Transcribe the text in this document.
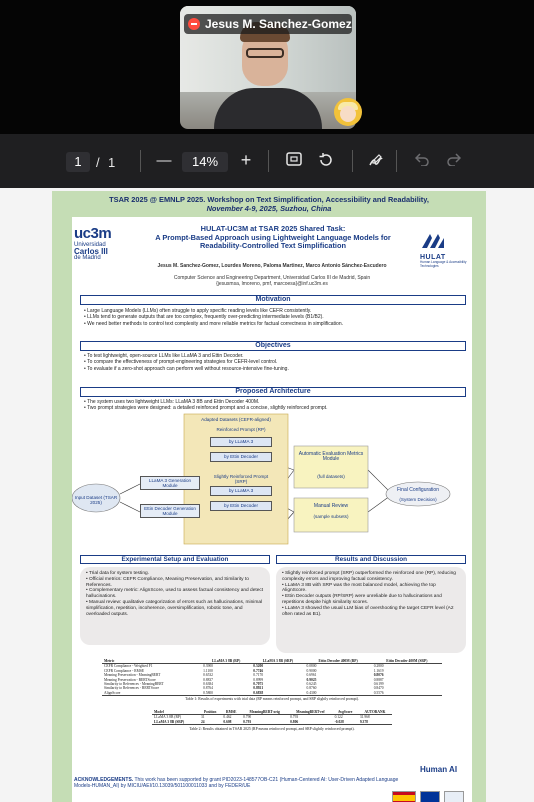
Jesus M. Sanchez-Gomez
1	/ 1	—	14%	+
TSAR 2025 @ EMNLP 2025. Workshop on Text Simplification, Accessibility and Readability,
November 4-9, 2025, Suzhou, China
uc3m
Universidad
Carlos III
de Madrid
HULAT-UC3M at TSAR 2025 Shared Task:
A Prompt-Based Approach using Lightweight Language Models for
Readability-Controlled Text Simplification
HULAT
Human Language & Accessibility Technologies
Jesus M. Sanchez-Gomez, Lourdes Moreno, Paloma Martinez, Marco Antonio Sánchez-Escudero
Computer Science and Engineering Department, Universidad Carlos III de Madrid, Spain
{jesusmsa, lmoreno, pmf, marcoesa}@inf.uc3m.es
Motivation
• Large Language Models (LLMs) often struggle to apply specific reading levels like CEFR consistently.
• LLMs tend to generate outputs that are too complex, frequently over-predicting intermediate levels (B1/B2).
• We need better methods to control text complexity and more reliable metrics for factual correctness in simplification.
Objectives
• To test lightweight, open-source LLMs like LLaMA 3 and Ettin Decoder.
• To compare the effectiveness of prompt-engineering strategies for CEFR-level control.
• To evaluate if a zero-shot approach can perform well without resource-intensive fine-tuning.
Proposed Architecture
• The system uses two lightweight LLMs: LLaMA 3 8B and Ettin Decoder 400M.
• Two prompt strategies were designed: a detailed reinforced prompt and a concise, slightly reinforced prompt.
Input Dataset (TSAR 2025)
LLaMA 3 Generation Module
Ettin Decoder Generation Module
Adapted Datasets (CEFR-aligned)
Reinforced Prompt (RP)
by LLaMA 3
by Ettin Decoder
Slightly Reinforced Prompt (SRP)
by LLaMA 3
by Ettin Decoder
Automatic Evaluation Metrics Module
(full datasets)
Manual Review
(sample subsets)
Final Configuration
(System Decision)
Experimental Setup and Evaluation	Results and Discussion
• Trial data for system testing.
• Official metrics: CEFR Compliance, Meaning Preservation, and Similarity to References.
• Complementary metric: AlignScore, used to assess factual consistency and detect hallucinations.
• Manual review: qualitative categorization of errors such as hallucinations, minimal simplification, repetition, incoherence, oversimplification, robotic tone, and overloaded outputs.
• Slightly reinforced prompt (SRP) outperformed the reinforced one (RP), reducing complexity errors and improving factual consistency.
• LLaMA 3 8B with SRP was the most balanced model, achieving the top AlignScore.
• Ettin Decoder outputs (RP/SRP) were unreliable due to hallucinations and repetitions despite high similarity scores.
• LLaMA 3 showed the usual LLM bias of overshooting the target CEFR level (A2 often rated as B1).
Metric	LLaMA 3 8B (RP)	LLaMA 3 8B (SRP)	Ettin Decoder 400M (RP)	Ettin Decoder 400M (SRP)
CEFR Compliance - Weighted F1	0.3900	0.5200	0.0800	0.2800
CEFR Compliance - RMSE	1.1100	0.7746	0.9000	1.1619
Meaning Preservation - MeaningBERT	0.6532	0.7170	0.6961	0.8076
Meaning Preservation - BERTScore	0.8837	0.8999	0.9025	0.8887
Similarity to References - MeaningBERT	0.6384	0.7075	0.6245	0.6199
Similarity to References - BERTScore	0.8764	0.8921	0.8760	0.8470
AlignScore	0.5800	0.6838	0.4300	0.5576
Table 1: Results of experiments with trial data (RP means reinforced prompt, and SRP slightly reinforced prompt).
Model	Position	RMSE	MeaningBERT-orig	MeaningBERT-ref	AvgScore	AUTORANK
LLaMA 3 8B (RP)	31	0.462	0.790	0.793	0.122	31.968
LLaMA 3 8B (SRP)	24	0.608	0.793	0.806	-0.028	9.378
Table 2: Results obtained in TSAR 2025 (RP means reinforced prompt, and SRP slightly reinforced prompt).
ACKNOWLEDGEMENTS. This work has been supported by grant PID2023-148577OB-C21 (Human-Centered AI: User-Driven Adapted Language Models-HUMAN_AI) by MICIU/AEI/10.13039/501100011033 and by FEDER/UE
Human AI
